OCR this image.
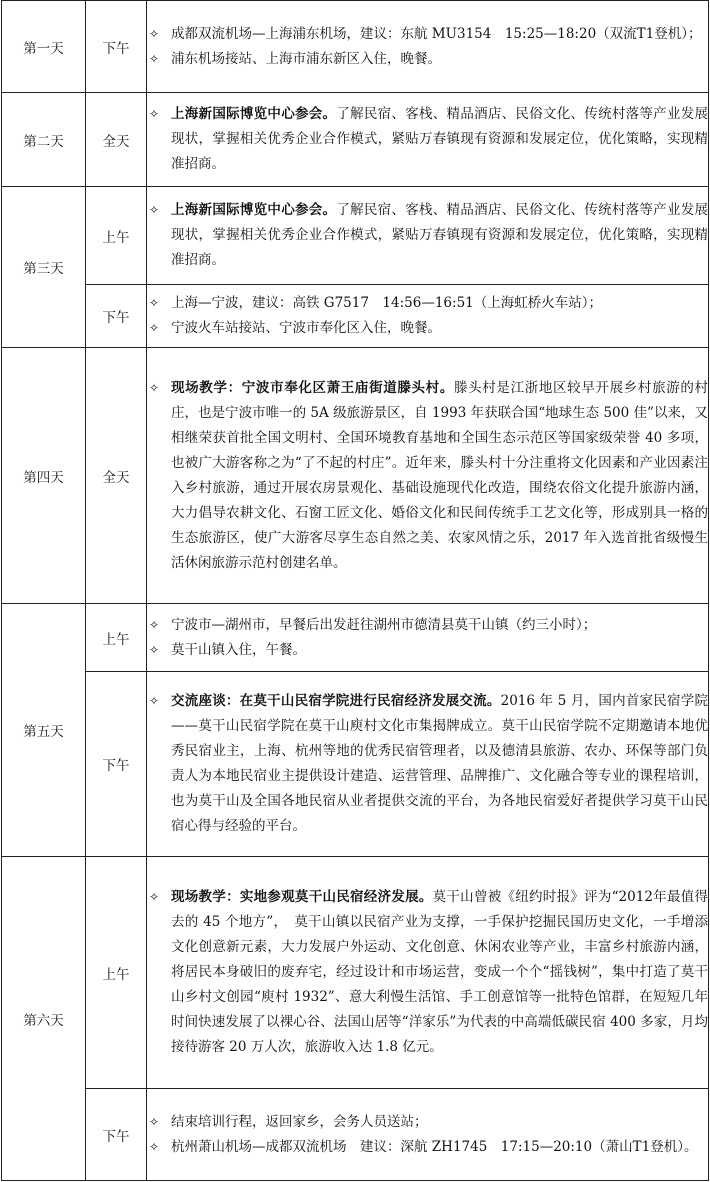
第一天	下午	✧ 成都双流机场—上海浦东机场，建议：东航 MU3154　15:25—18:20（双流T1登机）；
✧ 浦东机场接站、上海市浦东新区入住，晚餐。

第二天	全天	✧ 上海新国际博览中心参会。了解民宿、客栈、精品酒店、民俗文化、传统村落等产业发展现状，掌握相关优秀企业合作模式，紧贴万春镇现有资源和发展定位，优化策略，实现精准招商。

第三天	上午	✧ 上海新国际博览中心参会。了解民宿、客栈、精品酒店、民俗文化、传统村落等产业发展现状，掌握相关优秀企业合作模式，紧贴万春镇现有资源和发展定位，优化策略，实现精准招商。

	下午	✧ 上海—宁波，建议：高铁 G7517　14:56—16:51（上海虹桥火车站）；
✧ 宁波火车站接站、宁波市奉化区入住，晚餐。

第四天	全天	✧ 现场教学：宁波市奉化区萧王庙街道滕头村。滕头村是江浙地区较早开展乡村旅游的村庄，也是宁波市唯一的 5A 级旅游景区，自 1993 年获联合国“地球生态 500 佳”以来，又相继荣获首批全国文明村、全国环境教育基地和全国生态示范区等国家级荣誉 40 多项，也被广大游客称之为“了不起的村庄”。近年来，滕头村十分注重将文化因素和产业因素注入乡村旅游，通过开展农房景观化、基础设施现代化改造，围绕农俗文化提升旅游内涵，大力倡导农耕文化、石窗工匠文化、婚俗文化和民间传统手工艺文化等，形成别具一格的生态旅游区，使广大游客尽享生态自然之美、农家风情之乐，2017 年入选首批省级慢生活休闲旅游示范村创建名单。

第五天	上午	✧ 宁波市—湖州市，早餐后出发赶往湖州市德清县莫干山镇（约三小时）；
✧ 莫干山镇入住，午餐。

	下午	✧ 交流座谈：在莫干山民宿学院进行民宿经济发展交流。2016 年 5 月，国内首家民宿学院——莫干山民宿学院在莫干山庾村文化市集揭牌成立。莫干山民宿学院不定期邀请本地优秀民宿业主，上海、杭州等地的优秀民宿管理者，以及德清县旅游、农办、环保等部门负责人为本地民宿业主提供设计建造、运营管理、品牌推广、文化融合等专业的课程培训，也为莫干山及全国各地民宿从业者提供交流的平台，为各地民宿爱好者提供学习莫干山民宿心得与经验的平台。

第六天	上午	✧ 现场教学：实地参观莫干山民宿经济发展。莫干山曾被《纽约时报》评为“2012年最值得去的 45 个地方”，　莫干山镇以民宿产业为支撑，一手保护挖掘民国历史文化，一手增添文化创意新元素，大力发展户外运动、文化创意、休闲农业等产业，丰富乡村旅游内涵，将居民本身破旧的废弃宅，经过设计和市场运营，变成一个个“摇钱树”，集中打造了莫干山乡村文创园“庾村 1932”、意大利慢生活馆、手工创意馆等一批特色馆群，在短短几年时间快速发展了以裸心谷、法国山居等“洋家乐”为代表的中高端低碳民宿 400 多家，月均接待游客 20 万人次，旅游收入达 1.8 亿元。

	下午	✧ 结束培训行程，返回家乡，会务人员送站；
✧ 杭州萧山机场—成都双流机场　建议：深航 ZH1745　17:15—20:10（萧山T1登机）。
